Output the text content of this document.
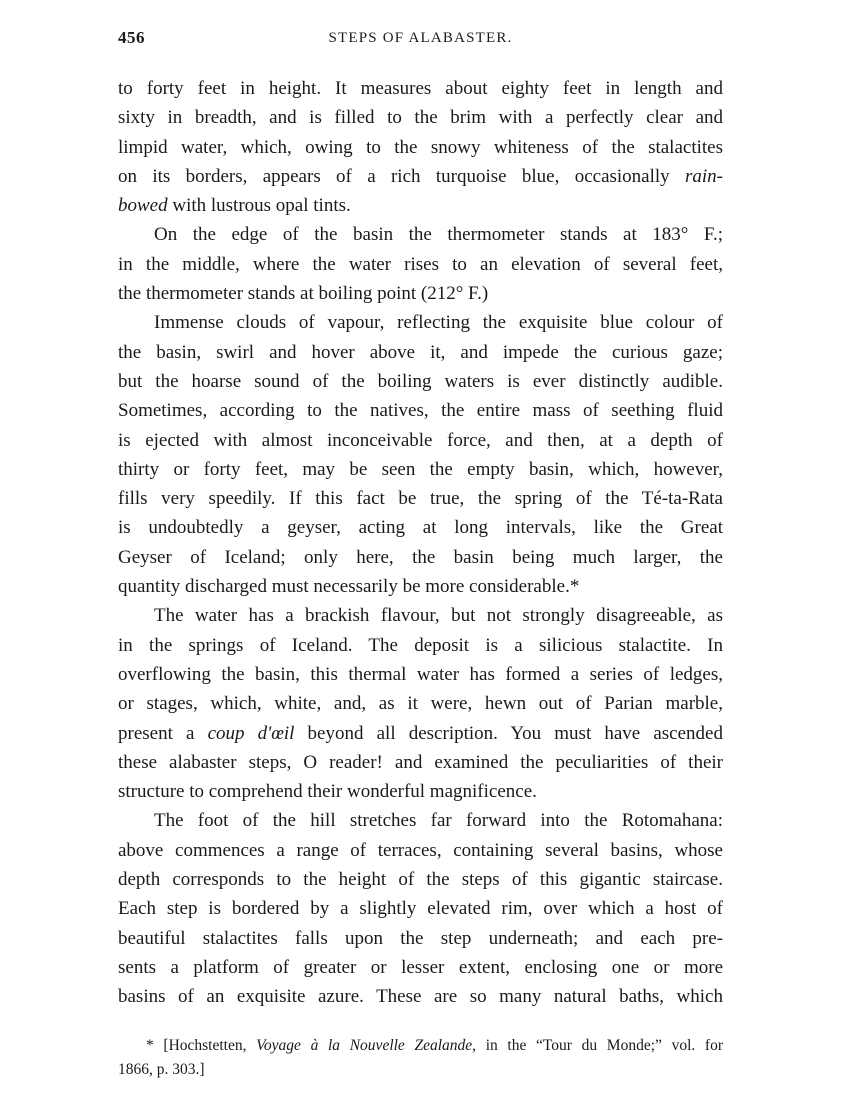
456	STEPS OF ALABASTER.
to forty feet in height. It measures about eighty feet in length and
sixty in breadth, and is filled to the brim with a perfectly clear and
limpid water, which, owing to the snowy whiteness of the stalactites
on its borders, appears of a rich turquoise blue, occasionally rain-
bowed with lustrous opal tints.
On the edge of the basin the thermometer stands at 183° F.;
in the middle, where the water rises to an elevation of several feet,
the thermometer stands at boiling point (212° F.)
Immense clouds of vapour, reflecting the exquisite blue colour of
the basin, swirl and hover above it, and impede the curious gaze;
but the hoarse sound of the boiling waters is ever distinctly audible.
Sometimes, according to the natives, the entire mass of seething fluid
is ejected with almost inconceivable force, and then, at a depth of
thirty or forty feet, may be seen the empty basin, which, however,
fills very speedily. If this fact be true, the spring of the Té-ta-Rata
is undoubtedly a geyser, acting at long intervals, like the Great
Geyser of Iceland; only here, the basin being much larger, the
quantity discharged must necessarily be more considerable.*
The water has a brackish flavour, but not strongly disagreeable, as
in the springs of Iceland. The deposit is a silicious stalactite. In
overflowing the basin, this thermal water has formed a series of ledges,
or stages, which, white, and, as it were, hewn out of Parian marble,
present a coup d'œil beyond all description. You must have ascended
these alabaster steps, O reader! and examined the peculiarities of their
structure to comprehend their wonderful magnificence.
The foot of the hill stretches far forward into the Rotomahana:
above commences a range of terraces, containing several basins, whose
depth corresponds to the height of the steps of this gigantic staircase.
Each step is bordered by a slightly elevated rim, over which a host of
beautiful stalactites falls upon the step underneath; and each pre-
sents a platform of greater or lesser extent, enclosing one or more
basins of an exquisite azure. These are so many natural baths, which
* [Hochstetten, Voyage à la Nouvelle Zealande, in the “Tour du Monde;” vol. for
1866, p. 303.]
